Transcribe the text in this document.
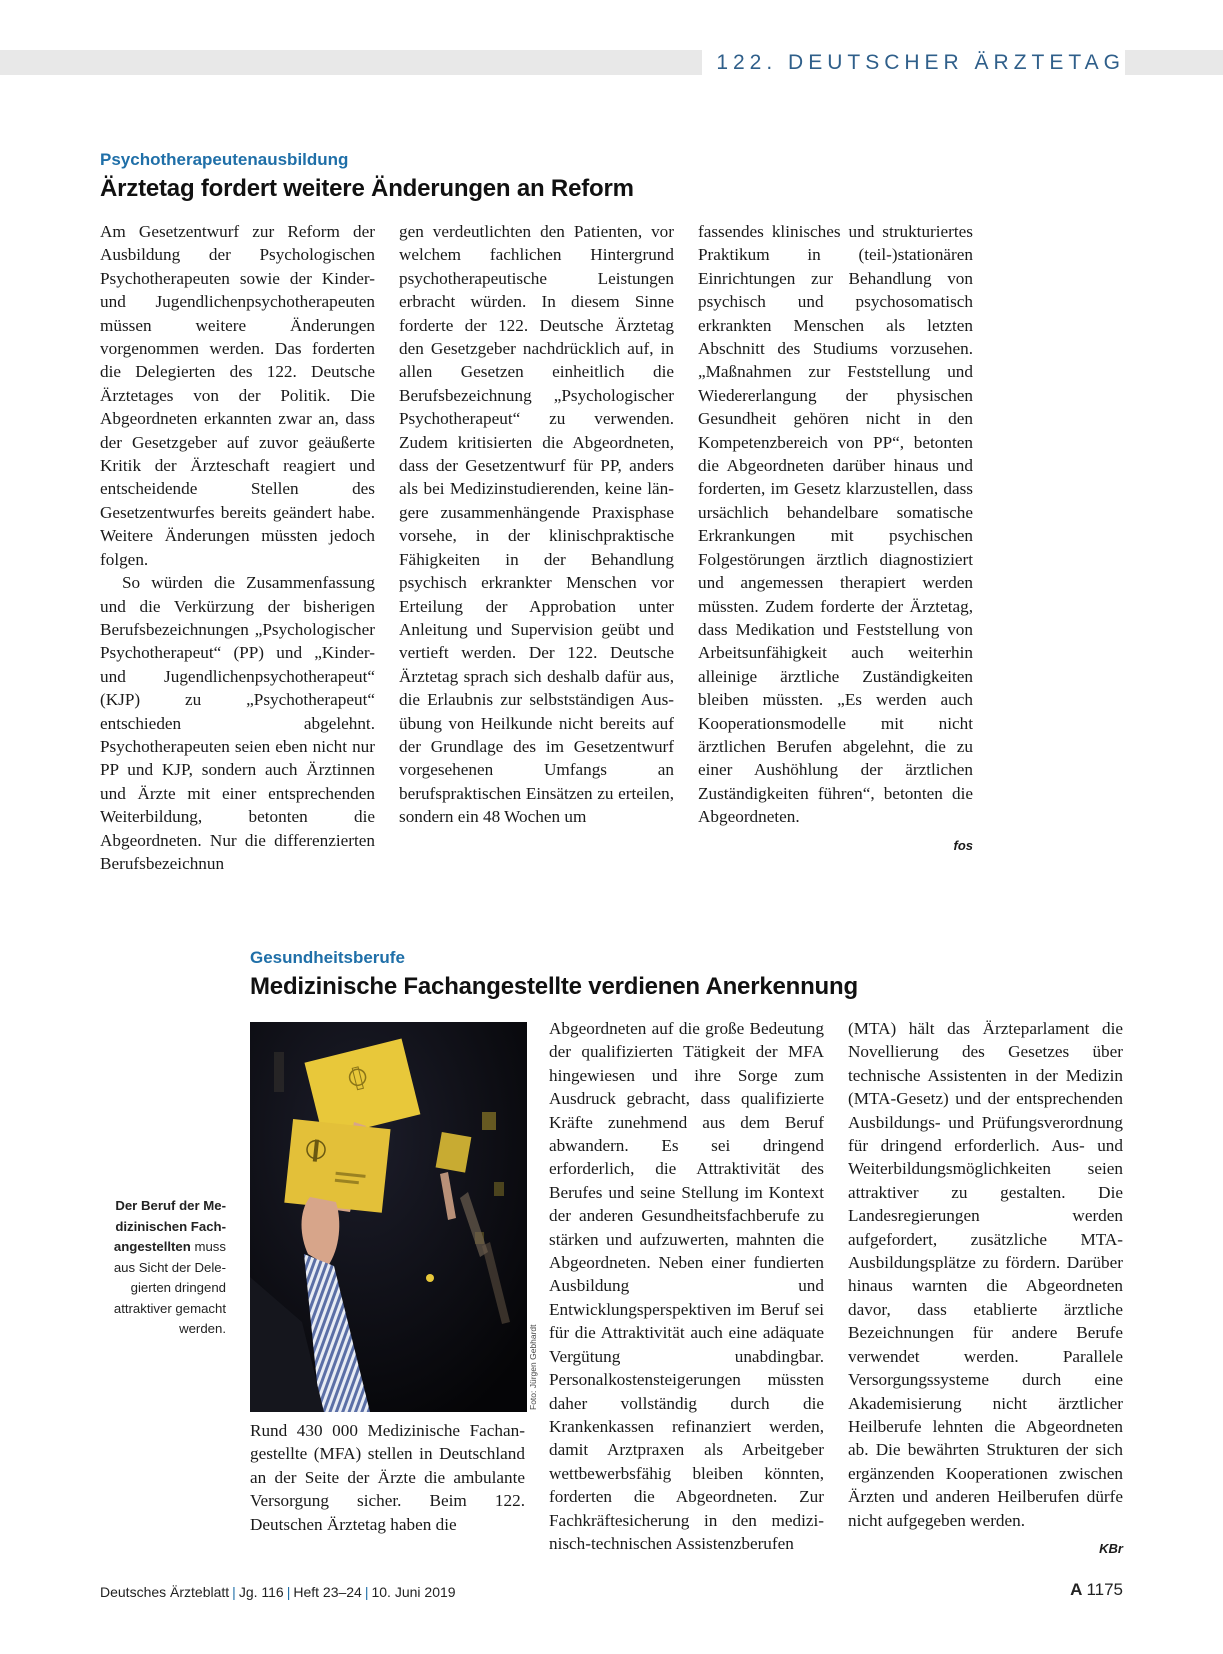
122. DEUTSCHER ÄRZTETAG
Psychotherapeutenausbildung
Ärztetag fordert weitere Änderungen an Reform

Am Gesetzentwurf zur Reform der Ausbildung der Psychologischen Psychotherapeuten sowie der Kinder- und Jugendlichenpsychotherapeuten müssen weitere Änderungen vorgenommen werden. Das forderten die Delegierten des 122. Deutsche Ärztetages von der Politik. Die Abgeordneten erkannten zwar an, dass der Gesetzgeber auf zuvor geäußerte Kritik der Ärzteschaft reagiert und entscheidende Stellen des Gesetzentwurfes bereits geändert habe. Weitere Änderungen müssten jedoch folgen.

So würden die Zusammenfassung und die Verkürzung der bisherigen Berufsbezeichnungen „Psychologischer Psychotherapeut“ (PP) und „Kinder- und Jugendlichenpsychotherapeut“ (KJP) zu „Psychotherapeut“ entschieden abgelehnt. Psychotherapeuten seien eben nicht nur PP und KJP, sondern auch Ärztinnen und Ärzte mit einer entsprechenden Weiterbildung, betonten die Abgeordneten. Nur die differenzierten Berufsbezeichnun

gen verdeutlichten den Patienten, vor welchem fachlichen Hintergrund psychotherapeutische Leistungen erbracht würden. In diesem Sinne forderte der 122. Deutsche Ärztetag den Gesetzgeber nachdrücklich auf, in allen Gesetzen einheitlich die Berufsbezeichnung „Psychologischer Psychotherapeut“ zu verwenden. Zudem kritisierten die Abgeordneten, dass der Gesetzentwurf für PP, anders als bei Medizinstudierenden, keine längere zusammenhängende Praxisphase vorsehe, in der klinischpraktische Fähigkeiten in der Behandlung psychisch erkrankter Menschen vor Erteilung der Approbation unter Anleitung und Supervision geübt und vertieft werden. Der 122. Deutsche Ärztetag sprach sich deshalb dafür aus, die Erlaubnis zur selbstständigen Ausübung von Heilkunde nicht bereits auf der Grundlage des im Gesetzentwurf vorgesehenen Umfangs an berufspraktischen Einsätzen zu erteilen, sondern ein 48 Wochen um

fassendes klinisches und strukturiertes Praktikum in (teil-)stationären Einrichtungen zur Behandlung von psychisch und psychosomatisch erkrankten Menschen als letzten Abschnitt des Studiums vorzusehen. „Maßnahmen zur Feststellung und Wiedererlangung der physischen Gesundheit gehören nicht in den Kompetenzbereich von PP“, betonten die Abgeordneten darüber hinaus und forderten, im Gesetz klarzustellen, dass ursächlich behandelbare somatische Erkrankungen mit psychischen Folgestörungen ärztlich diagnostiziert und angemessen therapiert werden müssten. Zudem forderte der Ärztetag, dass Medikation und Feststellung von Arbeitsunfähigkeit auch weiterhin alleinige ärztliche Zuständigkeiten bleiben müssten. „Es werden auch Kooperationsmodelle mit nicht ärztlichen Berufen abgelehnt, die zu einer Aushöhlung der ärztlichen Zuständigkeiten führen“, betonten die Abgeordneten.

fos
Gesundheitsberufe
Medizinische Fachangestellte verdienen Anerkennung
Der Beruf der Medizinischen Fachangestellten muss aus Sicht der Delegierten dringend attraktiver gemacht werden.	Foto: Jürgen Gebhardt

Rund 430 000 Medizinische Fachangestellte (MFA) stellen in Deutschland an der Seite der Ärzte die ambulante Versorgung sicher. Beim 122. Deutschen Ärztetag haben die

Abgeordneten auf die große Bedeutung der qualifizierten Tätigkeit der MFA hingewiesen und ihre Sorge zum Ausdruck gebracht, dass qualifizierte Kräfte zunehmend aus dem Beruf abwandern. Es sei dringend erforderlich, die Attraktivität des Berufes und seine Stellung im Kontext der anderen Gesundheitsfachberufe zu stärken und aufzuwerten, mahnten die Abgeordneten. Neben einer fundierten Ausbildung und Entwicklungsperspektiven im Beruf sei für die Attraktivität auch eine adäquate Vergütung unabdingbar. Personalkostensteigerungen müssten daher vollständig durch die Krankenkassen refinanziert werden, damit Arztpraxen als Arbeitgeber wettbewerbsfähig bleiben könnten, forderten die Abgeordneten. Zur Fachkräftesicherung in den medizinisch-technischen Assistenzberufen

(MTA) hält das Ärzteparlament die Novellierung des Gesetzes über technische Assistenten in der Medizin (MTA-Gesetz) und der entsprechenden Ausbildungs- und Prüfungsverordnung für dringend erforderlich. Aus- und Weiterbildungsmöglichkeiten seien attraktiver zu gestalten. Die Landesregierungen werden aufgefordert, zusätzliche MTA-Ausbildungsplätze zu fördern. Darüber hinaus warnten die Abgeordneten davor, dass etablierte ärztliche Bezeichnungen für andere Berufe verwendet werden. Parallele Versorgungssysteme durch eine Akademisierung nicht ärztlicher Heilberufe lehnten die Abgeordneten ab. Die bewährten Strukturen der sich ergänzenden Kooperationen zwischen Ärzten und anderen Heilberufen dürfe nicht aufgegeben werden.

KBr
Deutsches Ärzteblatt | Jg. 116 | Heft 23–24 | 10. Juni 2019	A 1175
